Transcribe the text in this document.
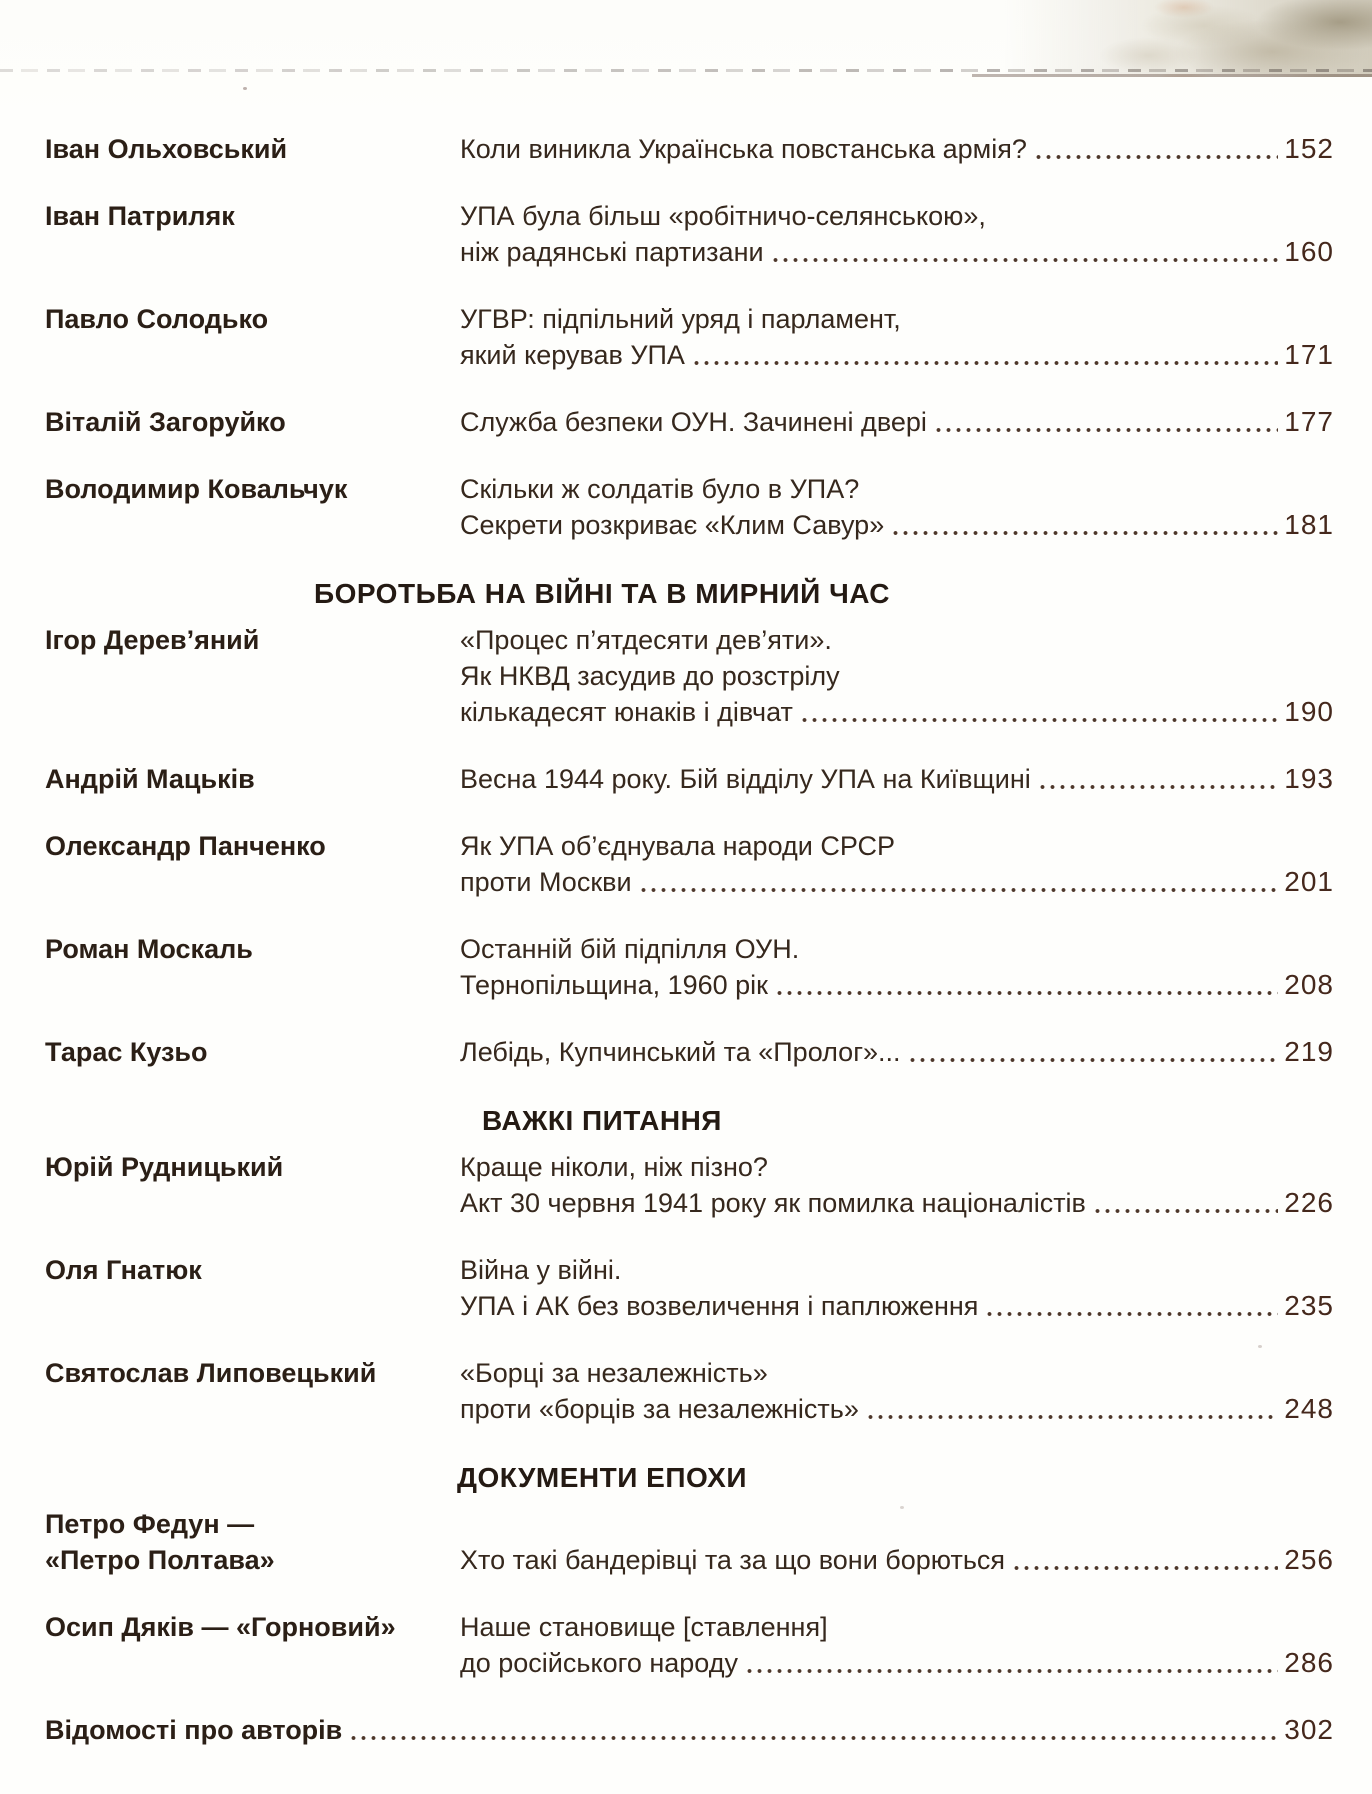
Іван Ольховський	Коли виникла Українська повстанська армія?	152
Іван Патриляк	УПА була більш «робітничо-селянською»,
ніж радянські партизани	160
Павло Солодько	УГВР: підпільний уряд і парламент,
який керував УПА	171
Віталій Загоруйко	Служба безпеки ОУН. Зачинені двері	177
Володимир Ковальчук	Скільки ж солдатів було в УПА?
Секрети розкриває «Клим Савур»	181
БОРОТЬБА НА ВІЙНІ ТА В МИРНИЙ ЧАС
Ігор Дерев’яний	«Процес п’ятдесяти дев’яти».
Як НКВД засудив до розстрілу
кількадесят юнаків і дівчат	190
Андрій Мацьків	Весна 1944 року. Бій відділу УПА на Київщині	193
Олександр Панченко	Як УПА об’єднувала народи СРСР
проти Москви	201
Роман Москаль	Останній бій підпілля ОУН.
Тернопільщина, 1960 рік	208
Тарас Кузьо	Лебідь, Купчинський та «Пролог»...	219
ВАЖКІ ПИТАННЯ
Юрій Рудницький	Краще ніколи, ніж пізно?
Акт 30 червня 1941 року як помилка націоналістів	226
Оля Гнатюк	Війна у війні.
УПА і АК без возвеличення і паплюження	235
Святослав Липовецький	«Борці за незалежність»
проти «борців за незалежність»	248
ДОКУМЕНТИ ЕПОХИ
Петро Федун —
«Петро Полтава»	Хто такі бандерівці та за що вони борються	256
Осип Дяків — «Горновий»	Наше становище [ставлення]
до російського народу	286
Відомості про авторів	302
